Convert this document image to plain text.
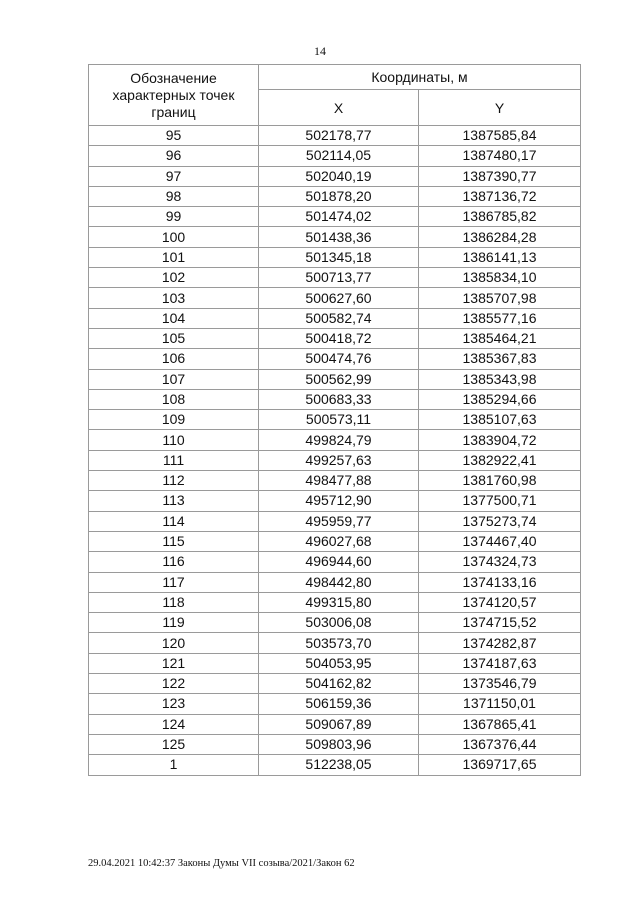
14
Обозначение характерных точек границ	Координаты, м	
	X	Y
95	502178,77	1387585,84
96	502114,05	1387480,17
97	502040,19	1387390,77
98	501878,20	1387136,72
99	501474,02	1386785,82
100	501438,36	1386284,28
101	501345,18	1386141,13
102	500713,77	1385834,10
103	500627,60	1385707,98
104	500582,74	1385577,16
105	500418,72	1385464,21
106	500474,76	1385367,83
107	500562,99	1385343,98
108	500683,33	1385294,66
109	500573,11	1385107,63
110	499824,79	1383904,72
111	499257,63	1382922,41
112	498477,88	1381760,98
113	495712,90	1377500,71
114	495959,77	1375273,74
115	496027,68	1374467,40
116	496944,60	1374324,73
117	498442,80	1374133,16
118	499315,80	1374120,57
119	503006,08	1374715,52
120	503573,70	1374282,87
121	504053,95	1374187,63
122	504162,82	1373546,79
123	506159,36	1371150,01
124	509067,89	1367865,41
125	509803,96	1367376,44
1	512238,05	1369717,65
29.04.2021 10:42:37 Законы Думы VII созыва/2021/Закон 62
